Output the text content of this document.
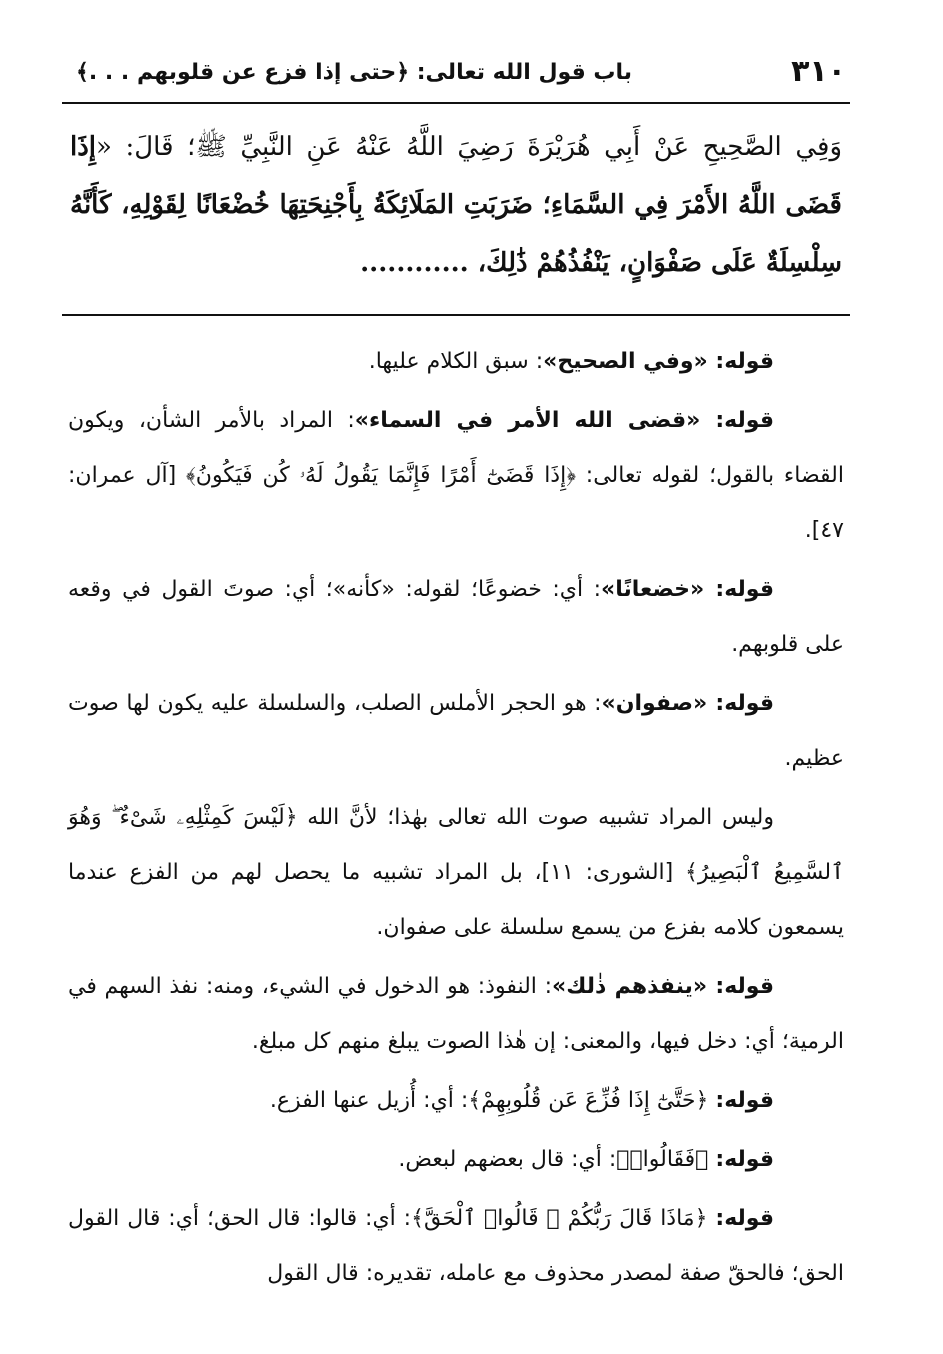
٣١٠
باب قول الله تعالى: ﴿حتى إذا فزع عن قلوبهم . . .﴾
وَفِي الصَّحِيحِ عَنْ أَبِي هُرَيْرَةَ رَضِيَ اللَّهُ عَنْهُ عَنِ النَّبِيِّ ﷺ؛ قَالَ: «إِذَا قَضَى اللَّهُ الأَمْرَ فِي السَّمَاءِ؛ ضَرَبَتِ المَلَائِكَةُ بِأَجْنِحَتِهَا خُضْعَانًا لِقَوْلِهِ، كَأَنَّهُ سِلْسِلَةٌ عَلَى صَفْوَانٍ، يَنْفُذُهُمْ ذَٰلِكَ، ............

قوله: «وفي الصحيح»: سبق الكلام عليها.

قوله: «قضى الله الأمر في السماء»: المراد بالأمر الشأن، ويكون القضاء بالقول؛ لقوله تعالى: ﴿إِذَا قَضَىٰٓ أَمْرًا فَإِنَّمَا يَقُولُ لَهُۥ كُن فَيَكُونُ﴾ [آل عمران: ٤٧].

قوله: «خضعانًا»: أي: خضوعًا؛ لقوله: «كأنه»؛ أي: صوتَ القول في وقعه على قلوبهم.

قوله: «صفوان»: هو الحجر الأملس الصلب، والسلسلة عليه يكون لها صوت عظيم.

وليس المراد تشبيه صوت الله تعالى بهٰذا؛ لأنَّ الله ﴿لَيْسَ كَمِثْلِهِۦ شَىْءٌ ۖ وَهُوَ ٱلسَّمِيعُ ٱلْبَصِيرُ﴾ [الشورى: ١١]، بل المراد تشبيه ما يحصل لهم من الفزع عندما يسمعون كلامه بفزع من يسمع سلسلة على صفوان.

قوله: «ينفذهم ذٰلك»: النفوذ: هو الدخول في الشيء، ومنه: نفذ السهم في الرمية؛ أي: دخل فيها، والمعنى: إن هٰذا الصوت يبلغ منهم كل مبلغ.

قوله: ﴿حَتَّىٰٓ إِذَا فُزِّعَ عَن قُلُوبِهِمْ﴾: أي: أُزيل عنها الفزع.

قوله: ﴿فَقَالُوا۟﴾: أي: قال بعضهم لبعض.

قوله: ﴿مَاذَا قَالَ رَبُّكُمْ ۖ قَالُوا۟ ٱلْحَقَّ﴾: أي: قالوا: قال الحق؛ أي: قال القول الحق؛ فالحقّ صفة لمصدر محذوف مع عامله، تقديره: قال القول
